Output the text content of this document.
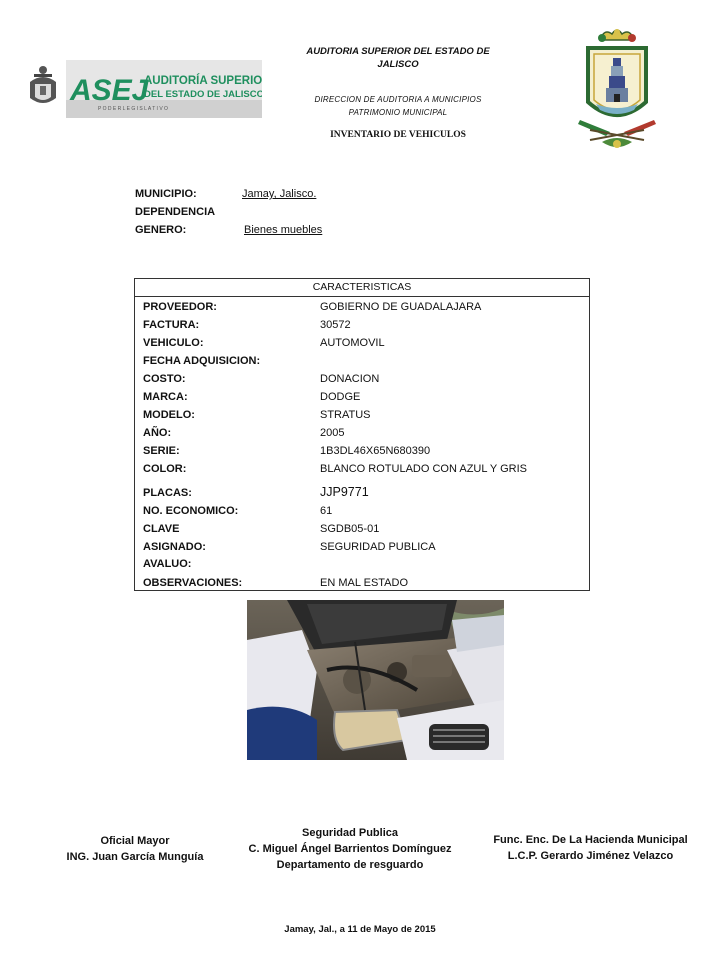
AUDITORIA SUPERIOR DEL ESTADO DE
JALISCO
DIRECCION DE AUDITORIA A MUNICIPIOS
PATRIMONIO MUNICIPAL
INVENTARIO DE VEHICULOS
ASEJ
AUDITORÍA SUPERIOR
DEL ESTADO DE JALISCO
P O D E R L E G I S L A T I V O
MUNICIPIO:	Jamay, Jalisco.
DEPENDENCIA
GENERO:	Bienes muebles
CARACTERISTICAS
PROVEEDOR:	GOBIERNO DE GUADALAJARA
FACTURA:	30572
VEHICULO:	AUTOMOVIL
FECHA ADQUISICION:
COSTO:	DONACION
MARCA:	DODGE
MODELO:	STRATUS
AÑO:	2005
SERIE:	1B3DL46X65N680390
COLOR:	BLANCO ROTULADO CON AZUL Y GRIS
PLACAS:	JJP9771
NO. ECONOMICO:	61
CLAVE	SGDB05-01
ASIGNADO:	SEGURIDAD PUBLICA
AVALUO:
OBSERVACIONES:	EN MAL ESTADO
Oficial Mayor
ING. Juan García Munguía
Seguridad Publica
C. Miguel Ángel Barrientos Domínguez
Departamento de resguardo
Func. Enc. De La Hacienda Municipal
L.C.P. Gerardo Jiménez Velazco
Jamay, Jal., a 11 de Mayo de 2015
